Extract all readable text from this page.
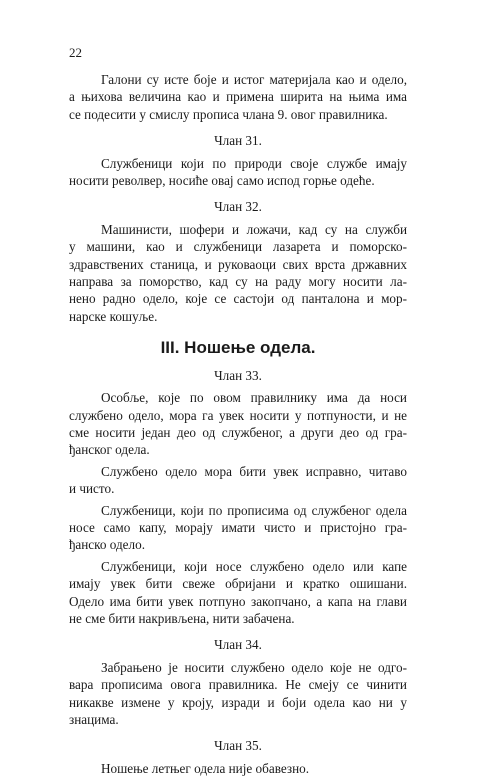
22
Галони су исте боје и истог материјала као и одело,
а њихова величина као и примена ширита на њима има
се подесити у смислу прописа члана 9. овог правилника.
Члан 31.
Службеници који по природи своје службе имају
носити револвер, носиће овај само испод горње одеће.
Члан 32.
Машинисти, шофери и ложачи, кад су на служби
у машини, као и службеници лазарета и поморско-
здравствених станица, и руковаоци свих врста државних
направа за поморство, кад су на раду могу носити ла-
нено радно одело, које се састоји од панталона и мор-
нарске кошуље.
III. Ношење одела.
Члан 33.
Особље, које по овом правилнику има да носи
службено одело, мора га увек носити у потпуности, и не
сме носити један део од службеног, а други део од гра-
ђанског одела.
Службено одело мора бити увек исправно, читаво
и чисто.
Службеници, који по прописима од службеног одела
носе само капу, морају имати чисто и пристојно гра-
ђанско одело.
Службеници, који носе службено одело или капе
имају увек бити свеже обријани и кратко ошишани.
Одело има бити увек потпуно закопчано, а капа на глави
не сме бити накривљена, нити забачена.
Члан 34.
Забрањено је носити службено одело које не одго-
вара прописима овога правилника. Не смеју се чинити
никакве измене у кроју, изради и боји одела као ни у
знацима.
Члан 35.
Ношење летњег одела није обавезно.
